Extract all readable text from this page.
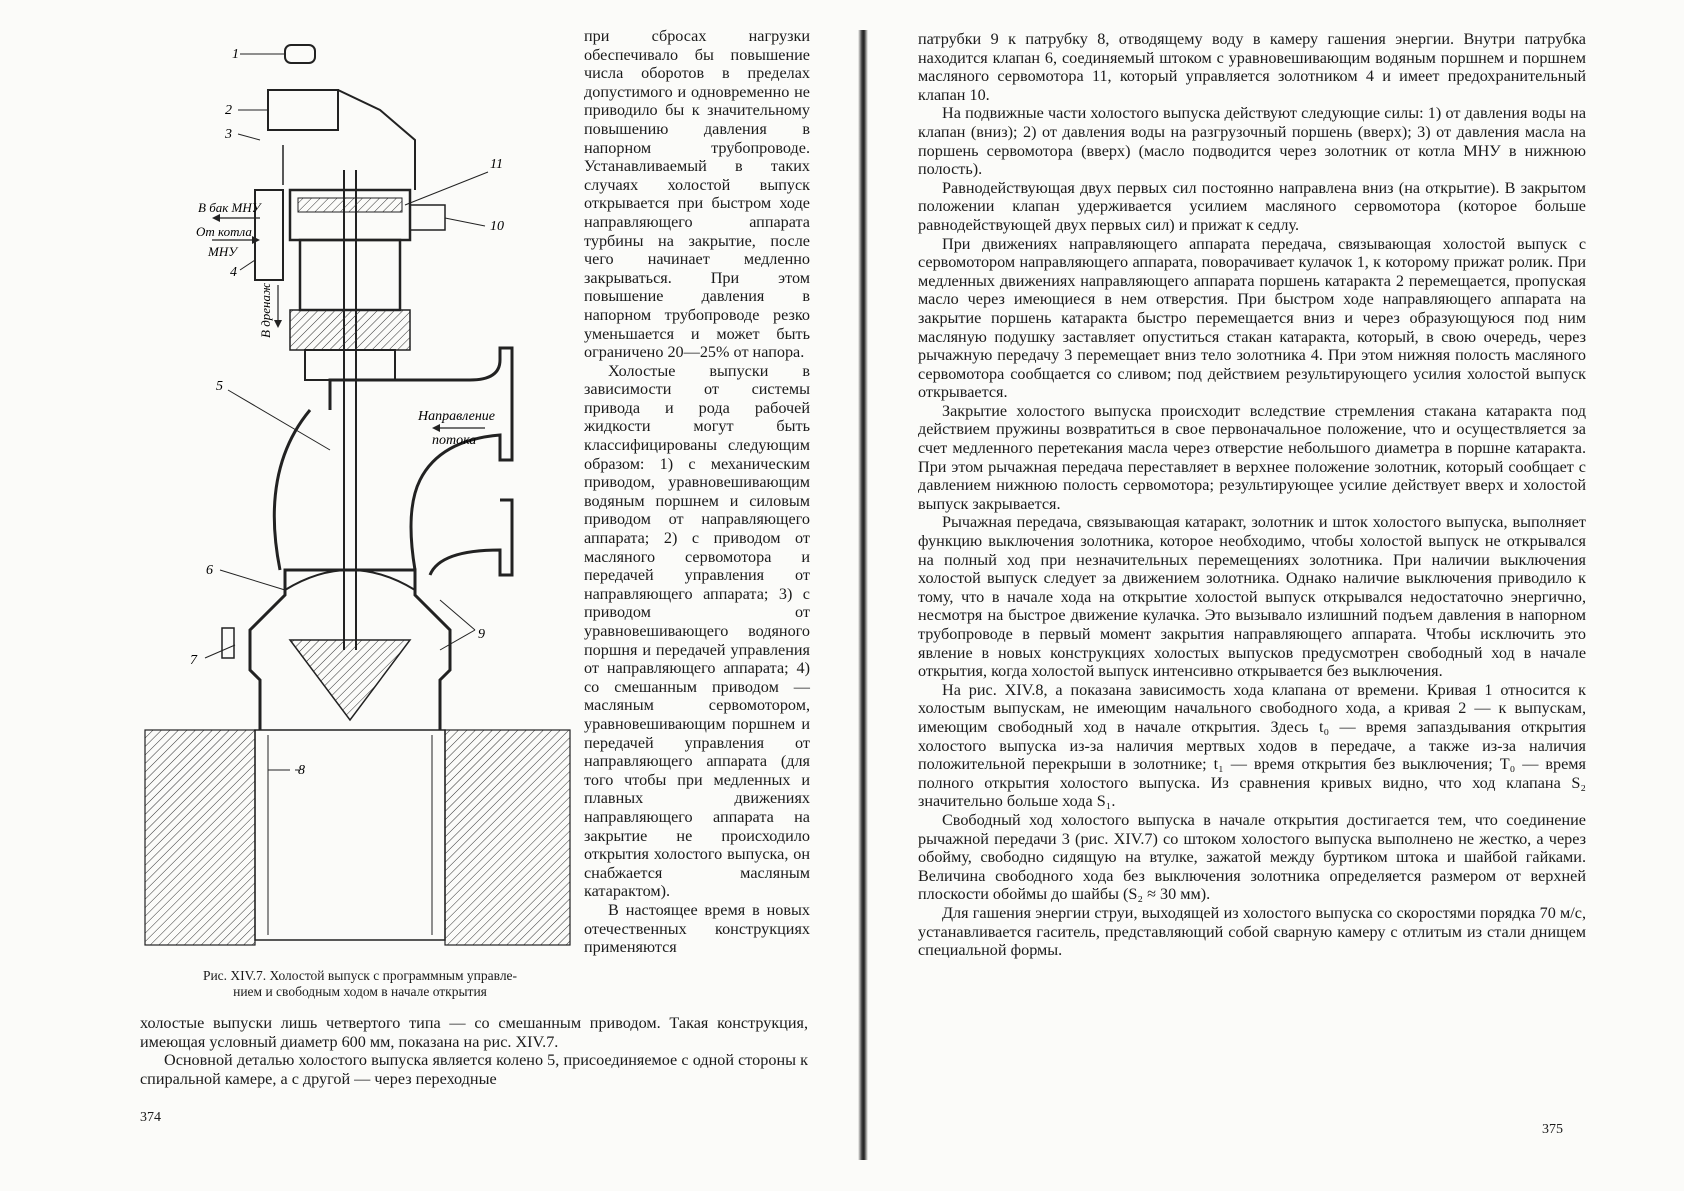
1
2
3
В бак МНУ
От котла
МНУ
4
В дренаж
11
10
5
Направление
потока
6
9
7
8
Рис. XIV.7. Холостой выпуск с программным управле-
нием и свободным ходом в начале открытия

при сбросах нагрузки обеспечивало бы повышение числа оборотов в пределах допустимого и одновременно не приводило бы к значительному повышению давления в напорном трубопроводе. Устанавливаемый в таких случаях холостой выпуск открывается при быстром ходе направляющего аппарата турбины на закрытие, после чего начинает медленно закрываться. При этом повышение давления в напорном трубопроводе резко уменьшается и может быть ограничено 20—25% от напора.

Холостые выпуски в зависимости от системы привода и рода рабочей жидкости могут быть классифицированы следующим образом: 1) с механическим приводом, уравновешивающим водяным поршнем и силовым приводом от направляющего аппарата; 2) с приводом от масляного сервомотора и передачей управления от направляющего аппарата; 3) с приводом от уравновешивающего водяного поршня и передачей управления от направляющего аппарата; 4) со смешанным приводом — масляным сервомотором, уравновешивающим поршнем и передачей управления от направляющего аппарата (для того чтобы при медленных и плавных движениях направляющего аппарата на закрытие не происходило открытия холостого выпуска, он снабжается масляным катарактом).

В настоящее время в новых отечественных конструкциях применяются

холостые выпуски лишь четвертого типа — со смешанным приводом. Такая конструкция, имеющая условный диаметр 600 мм, показана на рис. XIV.7.

Основной деталью холостого выпуска является колено 5, присоединяемое с одной стороны к спиральной камере, а с другой — через переходные

374

патрубки 9 к патрубку 8, отводящему воду в камеру гашения энергии. Внутри патрубка находится клапан 6, соединяемый штоком с уравновешивающим водяным поршнем и поршнем масляного сервомотора 11, который управляется золотником 4 и имеет предохранительный клапан 10.

На подвижные части холостого выпуска действуют следующие силы: 1) от давления воды на клапан (вниз); 2) от давления воды на разгрузочный поршень (вверх); 3) от давления масла на поршень сервомотора (вверх) (масло подводится через золотник от котла МНУ в нижнюю полость).

Равнодействующая двух первых сил постоянно направлена вниз (на открытие). В закрытом положении клапан удерживается усилием масляного сервомотора (которое больше равнодействующей двух первых сил) и прижат к седлу.

При движениях направляющего аппарата передача, связывающая холостой выпуск с сервомотором направляющего аппарата, поворачивает кулачок 1, к которому прижат ролик. При медленных движениях направляющего аппарата поршень катаракта 2 перемещается, пропуская масло через имеющиеся в нем отверстия. При быстром ходе направляющего аппарата на закрытие поршень катаракта быстро перемещается вниз и через образующуюся под ним масляную подушку заставляет опуститься стакан катаракта, который, в свою очередь, через рычажную передачу 3 перемещает вниз тело золотника 4. При этом нижняя полость масляного сервомотора сообщается со сливом; под действием результирующего усилия холостой выпуск открывается.

Закрытие холостого выпуска происходит вследствие стремления стакана катаракта под действием пружины возвратиться в свое первоначальное положение, что и осуществляется за счет медленного перетекания масла через отверстие небольшого диаметра в поршне катаракта. При этом рычажная передача переставляет в верхнее положение золотник, который сообщает с давлением нижнюю полость сервомотора; результирующее усилие действует вверх и холостой выпуск закрывается.

Рычажная передача, связывающая катаракт, золотник и шток холостого выпуска, выполняет функцию выключения золотника, которое необходимо, чтобы холостой выпуск не открывался на полный ход при незначительных перемещениях золотника. При наличии выключения холостой выпуск следует за движением золотника. Однако наличие выключения приводило к тому, что в начале хода на открытие холостой выпуск открывался недостаточно энергично, несмотря на быстрое движение кулачка. Это вызывало излишний подъем давления в напорном трубопроводе в первый момент закрытия направляющего аппарата. Чтобы исключить это явление в новых конструкциях холостых выпусков предусмотрен свободный ход в начале открытия, когда холостой выпуск интенсивно открывается без выключения.

На рис. XIV.8, а показана зависимость хода клапана от времени. Кривая 1 относится к холостым выпускам, не имеющим начального свободного хода, а кривая 2 — к выпускам, имеющим свободный ход в начале открытия. Здесь t₀ — время запаздывания открытия холостого выпуска из-за наличия мертвых ходов в передаче, а также из-за наличия положительной перекрыши в золотнике; t₁ — время открытия без выключения; T₀ — время полного открытия холостого выпуска. Из сравнения кривых видно, что ход клапана S₂ значительно больше хода S₁.

Свободный ход холостого выпуска в начале открытия достигается тем, что соединение рычажной передачи 3 (рис. XIV.7) со штоком холостого выпуска выполнено не жестко, а через обойму, свободно сидящую на втулке, зажатой между буртиком штока и шайбой гайками. Величина свободного хода без выключения золотника определяется размером от верхней плоскости обоймы до шайбы (S₂ ≈ 30 мм).

Для гашения энергии струи, выходящей из холостого выпуска со скоростями порядка 70 м/с, устанавливается гаситель, представляющий собой сварную камеру с отлитым из стали днищем специальной формы.

375
